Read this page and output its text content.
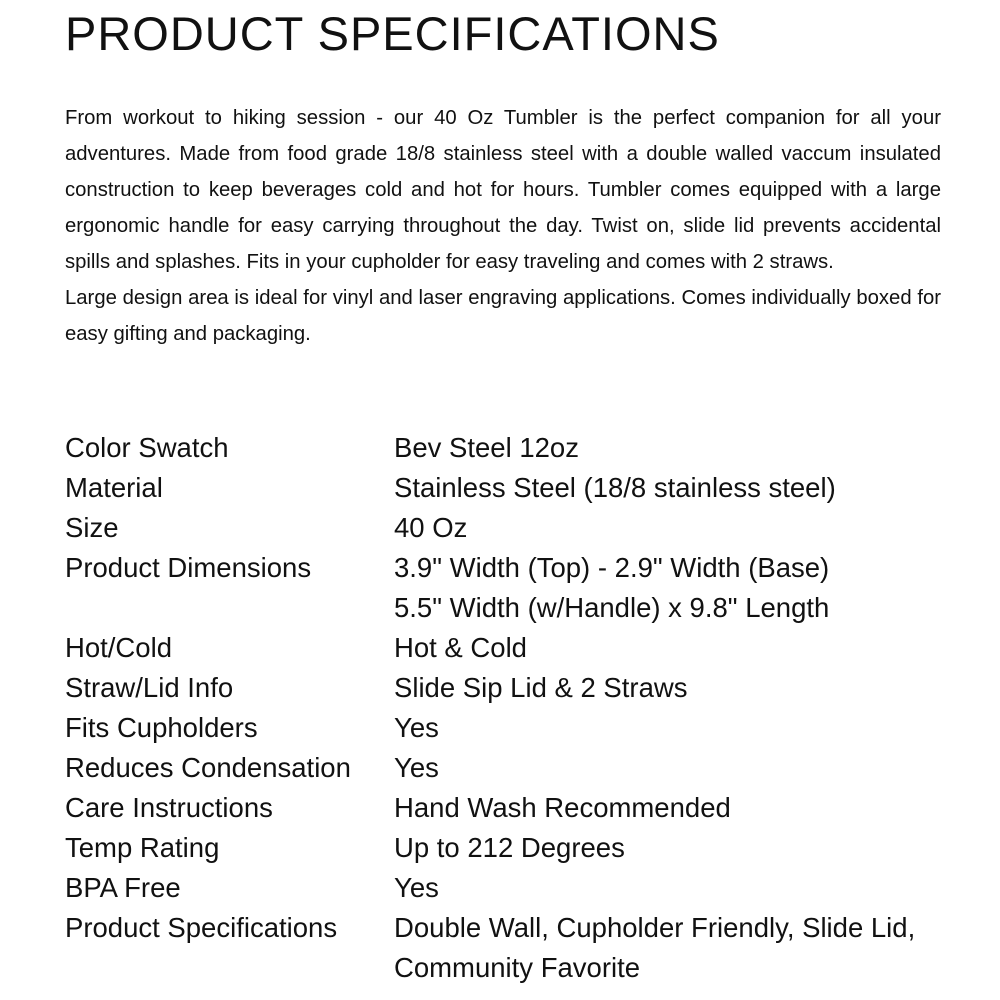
PRODUCT SPECIFICATIONS

From workout to hiking session - our 40 Oz Tumbler is the perfect companion for all your adventures. Made from food grade 18/8 stainless steel with a double walled vaccum insulated construction to keep beverages cold and hot for hours. Tumbler comes equipped with a large ergonomic handle for easy carrying throughout the day. Twist on, slide lid prevents accidental spills and splashes. Fits in your cupholder for easy traveling and comes with 2 straws.

Large design area is ideal for vinyl and laser engraving applications. Comes individually boxed for easy gifting and packaging.

Color Swatch	Bev Steel 12oz
Material	Stainless Steel (18/8 stainless steel)
Size	40 Oz
Product Dimensions	3.9" Width (Top) - 2.9" Width (Base)
5.5" Width (w/Handle) x 9.8" Length
Hot/Cold	Hot & Cold
Straw/Lid Info	Slide Sip Lid & 2 Straws
Fits Cupholders	Yes
Reduces Condensation	Yes
Care Instructions	Hand Wash Recommended
Temp Rating	Up to 212 Degrees
BPA Free	Yes
Product Specifications	Double Wall, Cupholder Friendly, Slide Lid,
Community Favorite
